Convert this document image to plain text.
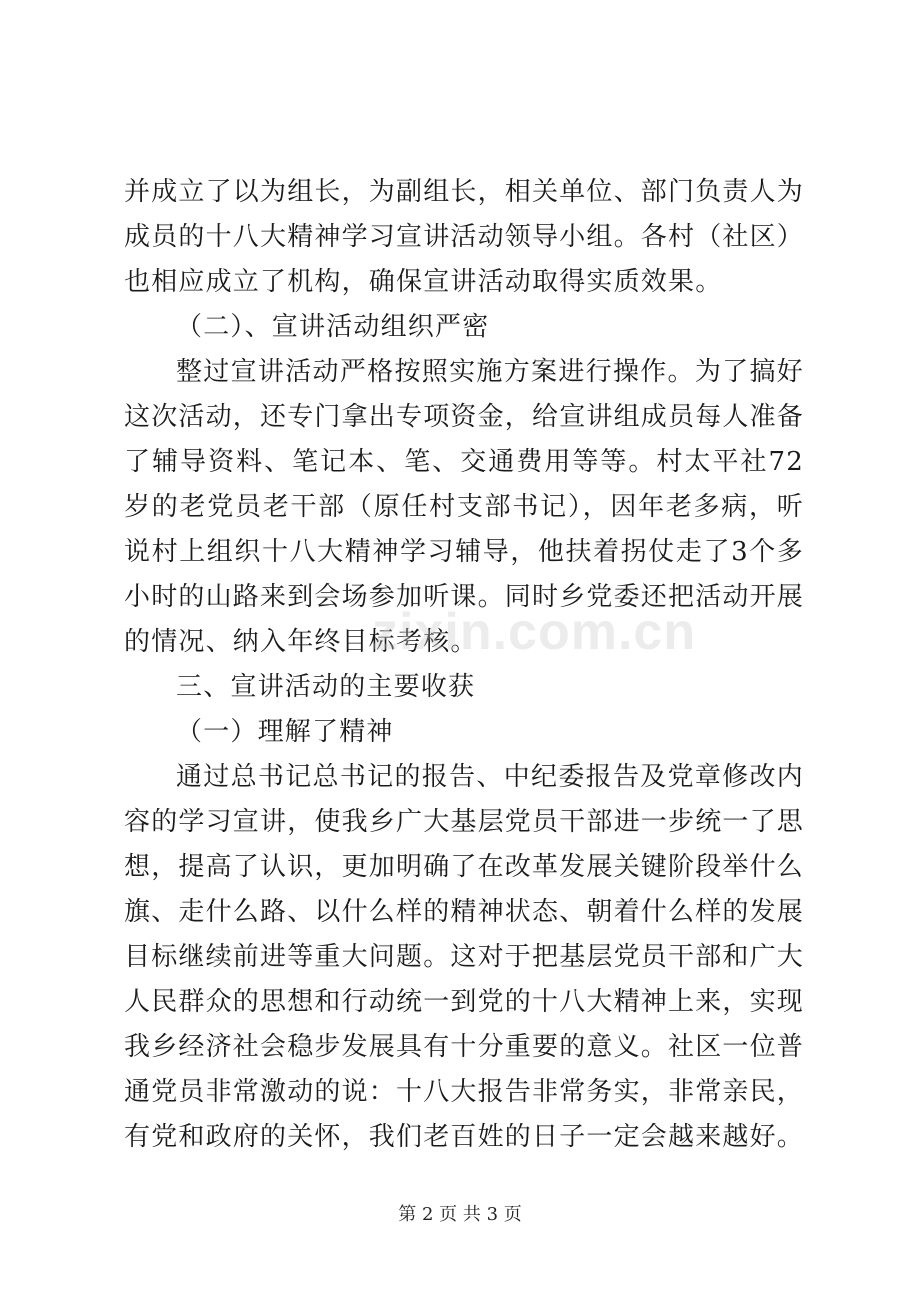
并成立了以为组长，为副组长，相关单位、部门负责人为成员的十八大精神学习宣讲活动领导小组。各村（社区）也相应成立了机构，确保宣讲活动取得实质效果。

（二）、宣讲活动组织严密

整过宣讲活动严格按照实施方案进行操作。为了搞好这次活动，还专门拿出专项资金，给宣讲组成员每人准备了辅导资料、笔记本、笔、交通费用等等。村太平社72岁的老党员老干部（原任村支部书记），因年老多病，听说村上组织十八大精神学习辅导，他扶着拐仗走了3个多小时的山路来到会场参加听课。同时乡党委还把活动开展的情况、纳入年终目标考核。

三、宣讲活动的主要收获

（一）理解了精神

通过总书记总书记的报告、中纪委报告及党章修改内容的学习宣讲，使我乡广大基层党员干部进一步统一了思想，提高了认识，更加明确了在改革发展关键阶段举什么旗、走什么路、以什么样的精神状态、朝着什么样的发展目标继续前进等重大问题。这对于把基层党员干部和广大人民群众的思想和行动统一到党的十八大精神上来，实现我乡经济社会稳步发展具有十分重要的意义。社区一位普通党员非常激动的说：十八大报告非常务实，非常亲民，有党和政府的关怀，我们老百姓的日子一定会越来越好。

zixin.com.cn
第 2 页 共 3 页
